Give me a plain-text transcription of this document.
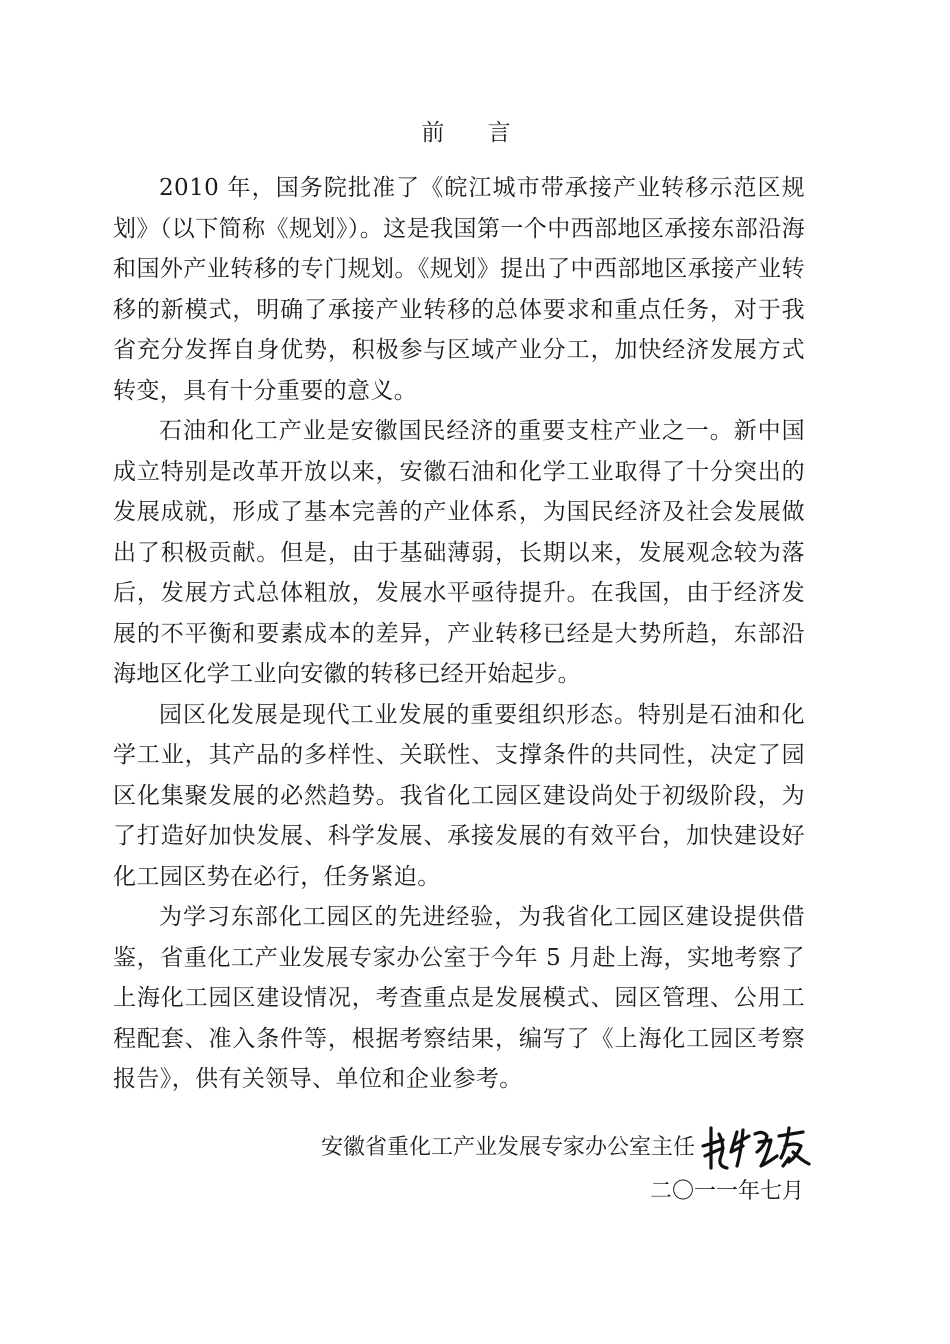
前 言

2010 年，国务院批准了《皖江城市带承接产业转移示范区规划》（以下简称《规划》）。这是我国第一个中西部地区承接东部沿海和国外产业转移的专门规划。《规划》提出了中西部地区承接产业转移的新模式，明确了承接产业转移的总体要求和重点任务，对于我省充分发挥自身优势，积极参与区域产业分工，加快经济发展方式转变，具有十分重要的意义。

石油和化工产业是安徽国民经济的重要支柱产业之一。新中国成立特别是改革开放以来，安徽石油和化学工业取得了十分突出的发展成就，形成了基本完善的产业体系，为国民经济及社会发展做出了积极贡献。但是，由于基础薄弱，长期以来，发展观念较为落后，发展方式总体粗放，发展水平亟待提升。在我国，由于经济发展的不平衡和要素成本的差异，产业转移已经是大势所趋，东部沿海地区化学工业向安徽的转移已经开始起步。

园区化发展是现代工业发展的重要组织形态。特别是石油和化学工业，其产品的多样性、关联性、支撑条件的共同性，决定了园区化集聚发展的必然趋势。我省化工园区建设尚处于初级阶段，为了打造好加快发展、科学发展、承接发展的有效平台，加快建设好化工园区势在必行，任务紧迫。

为学习东部化工园区的先进经验，为我省化工园区建设提供借鉴，省重化工产业发展专家办公室于今年 5 月赴上海，实地考察了上海化工园区建设情况，考查重点是发展模式、园区管理、公用工程配套、准入条件等，根据考察结果，编写了《上海化工园区考察报告》，供有关领导、单位和企业参考。

安徽省重化工产业发展专家办公室主任
二〇一一年七月
